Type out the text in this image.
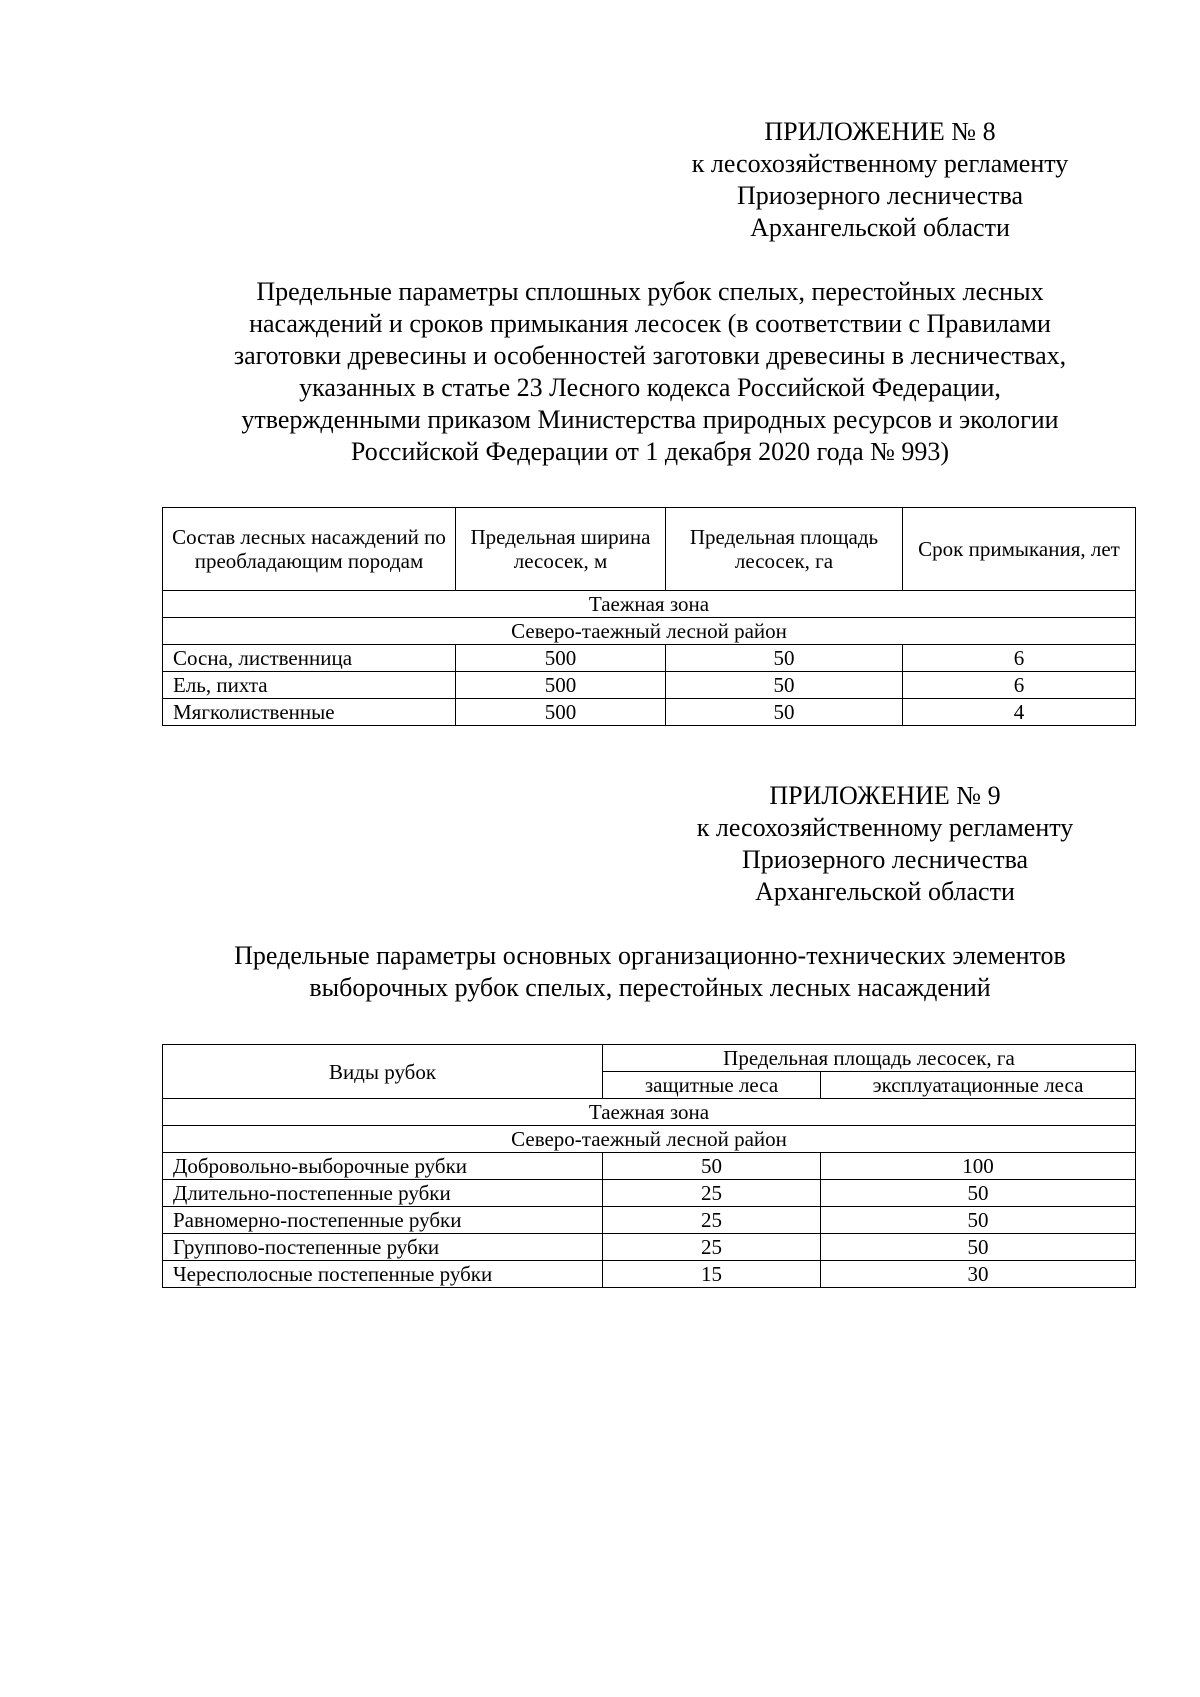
ПРИЛОЖЕНИЕ № 8
к лесохозяйственному регламенту
Приозерного лесничества
Архангельской области
Предельные параметры сплошных рубок спелых, перестойных лесных
насаждений и сроков примыкания лесосек (в соответствии с Правилами
заготовки древесины и особенностей заготовки древесины в лесничествах,
указанных в статье 23 Лесного кодекса Российской Федерации,
утвержденными приказом Министерства природных ресурсов и экологии
Российской Федерации от 1 декабря 2020 года № 993)
Состав лесных насаждений по преобладающим породам	Предельная ширина лесосек, м	Предельная площадь лесосек, га	Срок примыкания, лет
Таежная зона			
Северо-таежный лесной район			
Сосна, лиственница	500	50	6
Ель, пихта	500	50	6
Мягколиственные	500	50	4
ПРИЛОЖЕНИЕ № 9
к лесохозяйственному регламенту
Приозерного лесничества
Архангельской области
Предельные параметры основных организационно-технических элементов
выборочных рубок спелых, перестойных лесных насаждений
Виды рубок	Предельная площадь лесосек, га	
	защитные леса	эксплуатационные леса
Таежная зона		
Северо-таежный лесной район		
Добровольно-выборочные рубки	50	100
Длительно-постепенные рубки	25	50
Равномерно-постепенные рубки	25	50
Группово-постепенные рубки	25	50
Чересполосные постепенные рубки	15	30
